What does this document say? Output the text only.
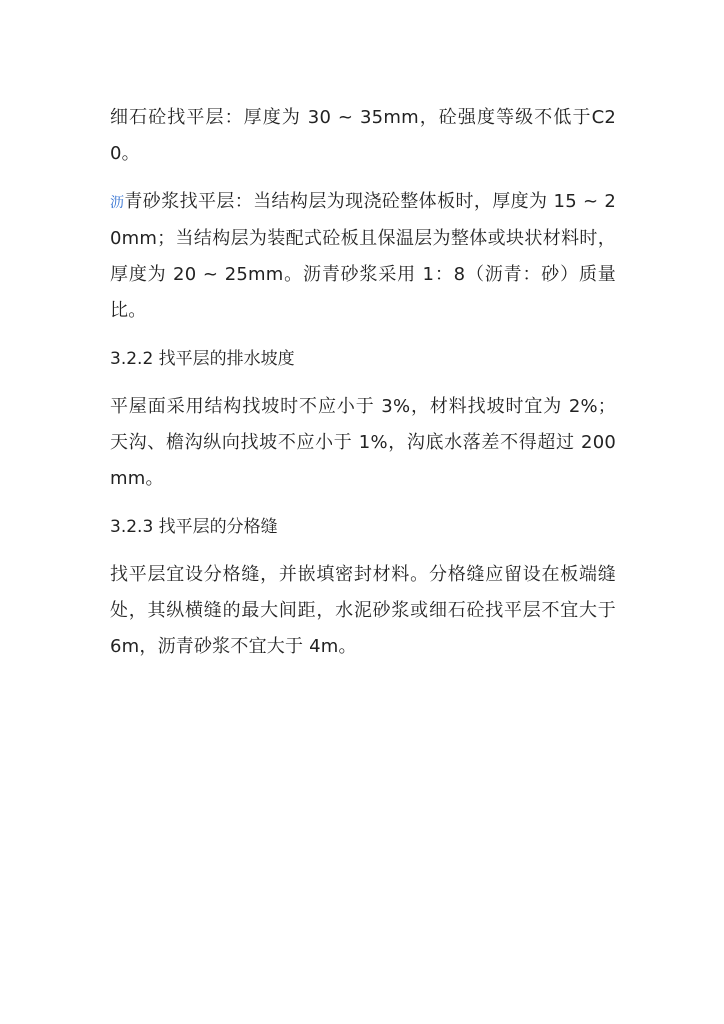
细石砼找平层：厚度为 30 ~ 35mm，砼强度等级不低于C20。

沥青砂浆找平层：当结构层为现浇砼整体板时，厚度为 15 ~ 20mm；当结构层为装配式砼板且保温层为整体或块状材料时，厚度为 20 ~ 25mm。沥青砂浆采用 1：8（沥青：砂）质量比。

3.2.2 找平层的排水坡度

平屋面采用结构找坡时不应小于 3%，材料找坡时宜为 2%；天沟、檐沟纵向找坡不应小于 1%，沟底水落差不得超过 200mm。

3.2.3 找平层的分格缝

找平层宜设分格缝，并嵌填密封材料。分格缝应留设在板端缝处，其纵横缝的最大间距，水泥砂浆或细石砼找平层不宜大于 6m，沥青砂浆不宜大于 4m。
